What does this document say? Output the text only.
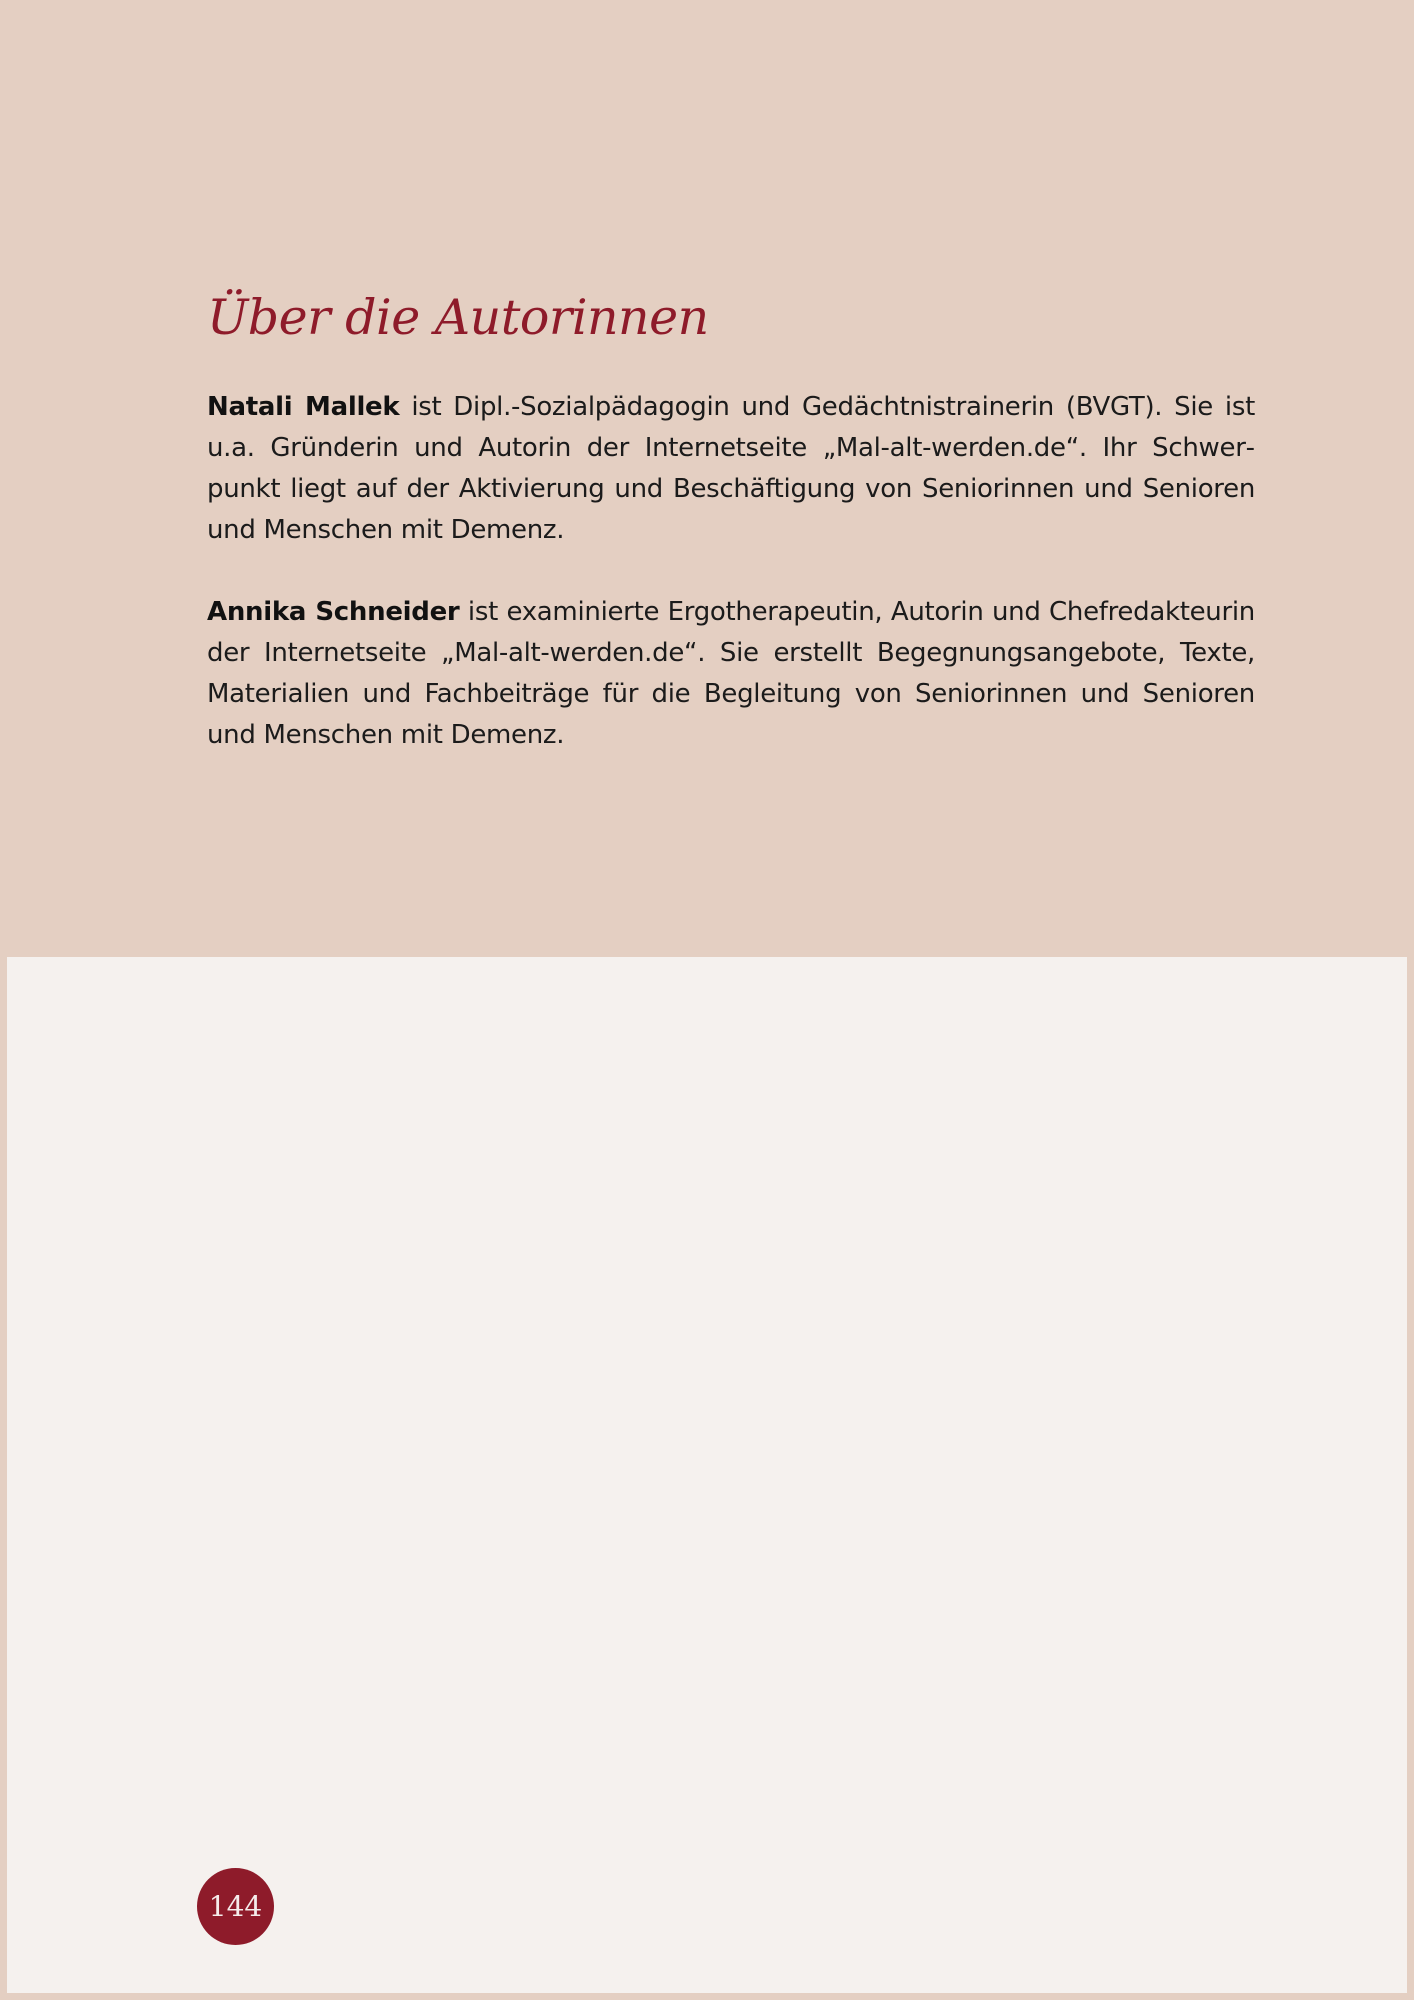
Über die Autorinnen

Natali Mallek ist Dipl.-Sozialpädagogin und Gedächtnistrainerin (BVGT). Sie ist u.a. Gründerin und Autorin der Internetseite „Mal-alt-werden.de“. Ihr Schwerpunkt liegt auf der Aktivierung und Beschäftigung von Seniorinnen und Senioren und Menschen mit Demenz.

Annika Schneider ist examinierte Ergotherapeutin, Autorin und Chefredakteurin der Internetseite „Mal-alt-werden.de“. Sie erstellt Begegnungsangebote, Texte, Materialien und Fachbeiträge für die Begleitung von Seniorinnen und Senioren und Menschen mit Demenz.

144
